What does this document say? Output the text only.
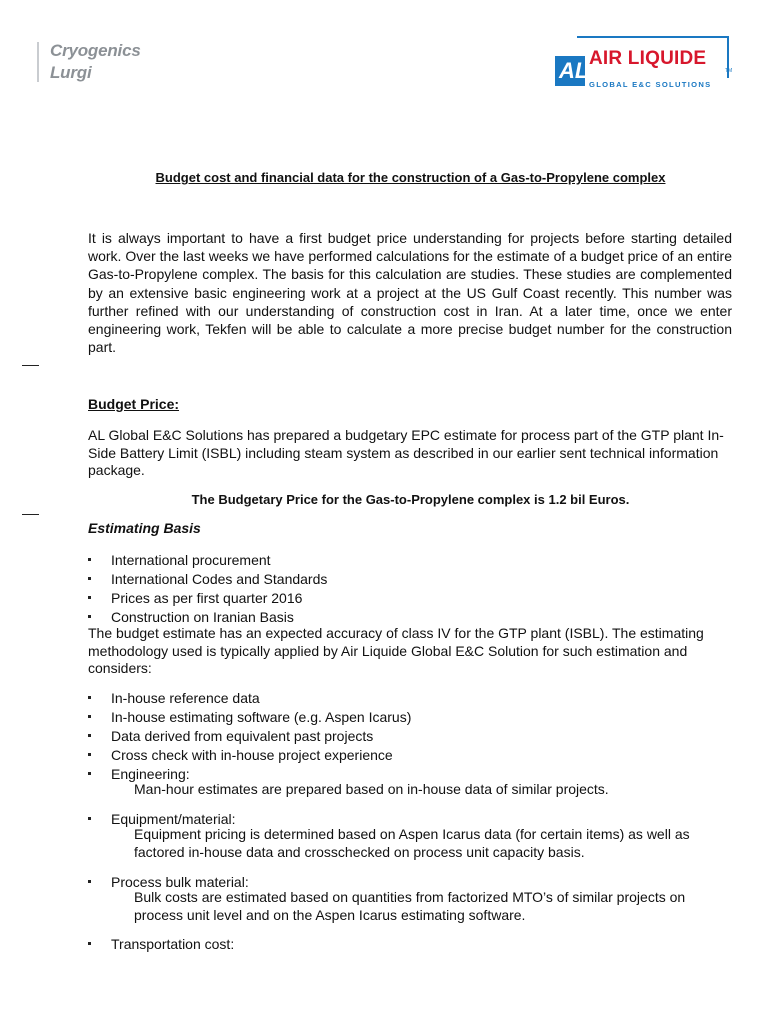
Cryogenics
Lurgi	AL AIR LIQUIDE
TM
GLOBAL E&C SOLUTIONS
Budget cost and financial data for the construction of a Gas-to-Propylene complex
It is always important to have a first budget price understanding for projects before starting detailed work. Over the last weeks we have performed calculations for the estimate of a budget price of an entire Gas-to-Propylene complex. The basis for this calculation are studies. These studies are complemented by an extensive basic engineering work at a project at the US Gulf Coast recently. This number was further refined with our understanding of construction cost in Iran. At a later time, once we enter engineering work, Tekfen will be able to calculate a more precise budget number for the construction part.
Budget Price:
AL Global E&C Solutions has prepared a budgetary EPC estimate for process part of the GTP plant In-Side Battery Limit (ISBL) including steam system as described in our earlier sent technical information package.
The Budgetary Price for the Gas-to-Propylene complex is 1.2 bil Euros.
Estimating Basis
International procurement
International Codes and Standards
Prices as per first quarter 2016
Construction on Iranian Basis
The budget estimate has an expected accuracy of class IV for the GTP plant (ISBL). The estimating methodology used is typically applied by Air Liquide Global E&C Solution for such estimation and considers:
In-house reference data
In-house estimating software (e.g. Aspen Icarus)
Data derived from equivalent past projects
Cross check with in-house project experience
Engineering:
Man-hour estimates are prepared based on in-house data of similar projects.
Equipment/material:
Equipment pricing is determined based on Aspen Icarus data (for certain items) as well as factored in-house data and crosschecked on process unit capacity basis.
Process bulk material:
Bulk costs are estimated based on quantities from factorized MTO’s of similar projects on process unit level and on the Aspen Icarus estimating software.
Transportation cost:
